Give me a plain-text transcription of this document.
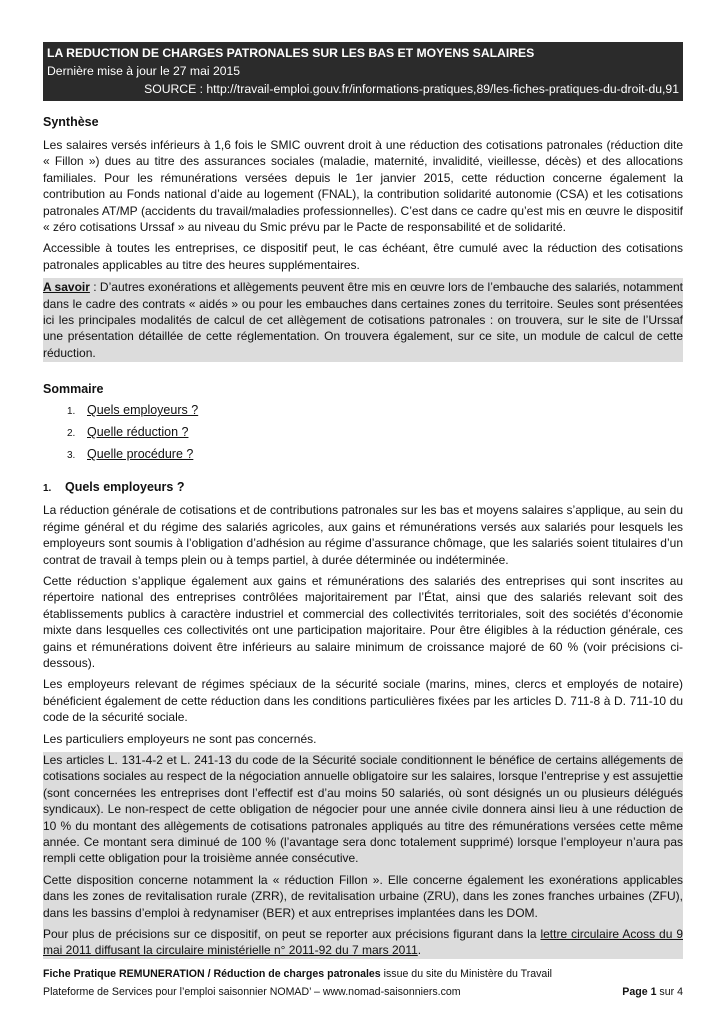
LA REDUCTION DE CHARGES PATRONALES SUR LES BAS ET MOYENS SALAIRES
Dernière mise à jour le 27 mai 2015
SOURCE : http://travail-emploi.gouv.fr/informations-pratiques,89/les-fiches-pratiques-du-droit-du,91
Synthèse

Les salaires versés inférieurs à 1,6 fois le SMIC ouvrent droit à une réduction des cotisations patronales (réduction dite « Fillon ») dues au titre des assurances sociales (maladie, maternité, invalidité, vieillesse, décès) et des allocations familiales. Pour les rémunérations versées depuis le 1er janvier 2015, cette réduction concerne également la contribution au Fonds national d’aide au logement (FNAL), la contribution solidarité autonomie (CSA) et les cotisations patronales AT/MP (accidents du travail/maladies professionnelles). C’est dans ce cadre qu’est mis en œuvre le dispositif « zéro cotisations Urssaf » au niveau du Smic prévu par le Pacte de responsabilité et de solidarité.

Accessible à toutes les entreprises, ce dispositif peut, le cas échéant, être cumulé avec la réduction des cotisations patronales applicables au titre des heures supplémentaires.

A savoir : D’autres exonérations et allègements peuvent être mis en œuvre lors de l’embauche des salariés, notamment dans le cadre des contrats « aidés » ou pour les embauches dans certaines zones du territoire. Seules sont présentées ici les principales modalités de calcul de cet allègement de cotisations patronales : on trouvera, sur le site de l’Urssaf une présentation détaillée de cette réglementation. On trouvera également, sur ce site, un module de calcul de cette réduction.

Sommaire
1. Quels employeurs ?
2. Quelle réduction ?
3. Quelle procédure ?
1. Quels employeurs ?

La réduction générale de cotisations et de contributions patronales sur les bas et moyens salaires s’applique, au sein du régime général et du régime des salariés agricoles, aux gains et rémunérations versés aux salariés pour lesquels les employeurs sont soumis à l’obligation d’adhésion au régime d’assurance chômage, que les salariés soient titulaires d’un contrat de travail à temps plein ou à temps partiel, à durée déterminée ou indéterminée.

Cette réduction s’applique également aux gains et rémunérations des salariés des entreprises qui sont inscrites au répertoire national des entreprises contrôlées majoritairement par l’État, ainsi que des salariés relevant soit des établissements publics à caractère industriel et commercial des collectivités territoriales, soit des sociétés d’économie mixte dans lesquelles ces collectivités ont une participation majoritaire. Pour être éligibles à la réduction générale, ces gains et rémunérations doivent être inférieurs au salaire minimum de croissance majoré de 60 % (voir précisions ci-dessous).

Les employeurs relevant de régimes spéciaux de la sécurité sociale (marins, mines, clercs et employés de notaire) bénéficient également de cette réduction dans les conditions particulières fixées par les articles D. 711-8 à D. 711-10 du code de la sécurité sociale.

Les particuliers employeurs ne sont pas concernés.

Les articles L. 131-4-2 et L. 241-13 du code de la Sécurité sociale conditionnent le bénéfice de certains allégements de cotisations sociales au respect de la négociation annuelle obligatoire sur les salaires, lorsque l’entreprise y est assujettie (sont concernées les entreprises dont l’effectif est d’au moins 50 salariés, où sont désignés un ou plusieurs délégués syndicaux). Le non-respect de cette obligation de négocier pour une année civile donnera ainsi lieu à une réduction de 10 % du montant des allègements de cotisations patronales appliqués au titre des rémunérations versées cette même année. Ce montant sera diminué de 100 % (l’avantage sera donc totalement supprimé) lorsque l’employeur n’aura pas rempli cette obligation pour la troisième année consécutive.

Cette disposition concerne notamment la « réduction Fillon ». Elle concerne également les exonérations applicables dans les zones de revitalisation rurale (ZRR), de revitalisation urbaine (ZRU), dans les zones franches urbaines (ZFU), dans les bassins d’emploi à redynamiser (BER) et aux entreprises implantées dans les DOM.

Pour plus de précisions sur ce dispositif, on peut se reporter aux précisions figurant dans la lettre circulaire Acoss du 9 mai 2011 diffusant la circulaire ministérielle n° 2011-92 du 7 mars 2011.

Fiche Pratique REMUNERATION / Réduction de charges patronales issue du site du Ministère du Travail
Plateforme de Services pour l’emploi saisonnier NOMAD’ – www.nomad-saisonniers.com	Page 1 sur 4
